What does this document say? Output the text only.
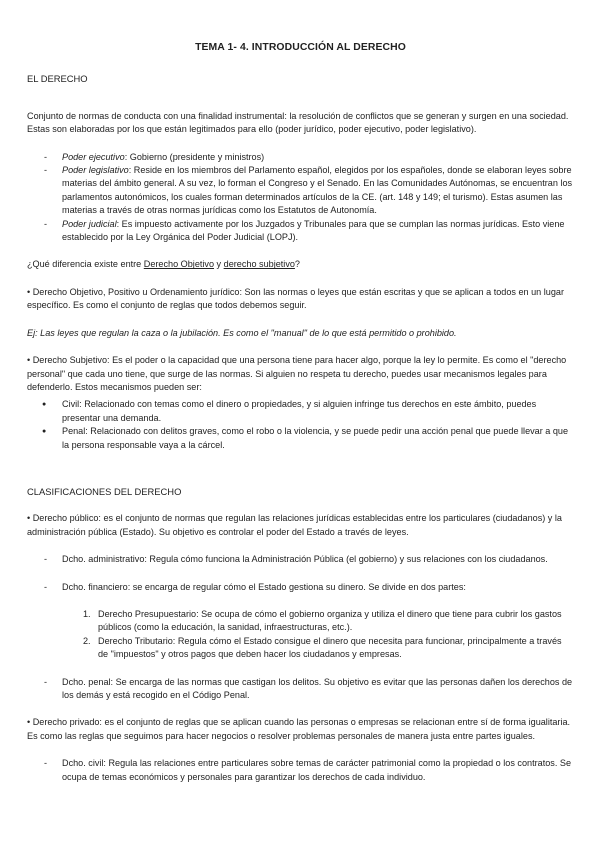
TEMA 1- 4. INTRODUCCIÓN AL DERECHO
EL DERECHO

Conjunto de normas de conducta con una finalidad instrumental: la resolución de conflictos que se generan y surgen en una sociedad. Estas son elaboradas por los que están legitimados para ello (poder jurídico, poder ejecutivo, poder legislativo).

- Poder ejecutivo: Gobierno (presidente y ministros)
- Poder legislativo: Reside en los miembros del Parlamento español, elegidos por los españoles, donde se elaboran leyes sobre materias del ámbito general. A su vez, lo forman el Congreso y el Senado. En las Comunidades Autónomas, se encuentran los parlamentos autonómicos, los cuales forman determinados artículos de la CE. (art. 148 y 149; el turismo). Estas asumen las materias a través de otras normas jurídicas como los Estatutos de Autonomía.
- Poder judicial: Es impuesto activamente por los Juzgados y Tribunales para que se cumplan las normas jurídicas. Esto viene establecido por la Ley Orgánica del Poder Judicial (LOPJ).

¿Qué diferencia existe entre Derecho Objetivo y derecho subjetivo?

• Derecho Objetivo, Positivo u Ordenamiento jurídico: Son las normas o leyes que están escritas y que se aplican a todos en un lugar específico. Es como el conjunto de reglas que todos debemos seguir.

Ej: Las leyes que regulan la caza o la jubilación. Es como el "manual" de lo que está permitido o prohibido.

• Derecho Subjetivo: Es el poder o la capacidad que una persona tiene para hacer algo, porque la ley lo permite. Es como el "derecho personal" que cada uno tiene, que surge de las normas. Si alguien no respeta tu derecho, puedes usar mecanismos legales para defenderlo. Estos mecanismos pueden ser:

● Civil: Relacionado con temas como el dinero o propiedades, y si alguien infringe tus derechos en este ámbito, puedes presentar una demanda.
● Penal: Relacionado con delitos graves, como el robo o la violencia, y se puede pedir una acción penal que puede llevar a que la persona responsable vaya a la cárcel.
CLASIFICACIONES DEL DERECHO

• Derecho público: es el conjunto de normas que regulan las relaciones jurídicas establecidas entre los particulares (ciudadanos) y la administración pública (Estado). Su objetivo es controlar el poder del Estado a través de leyes.

- Dcho. administrativo: Regula cómo funciona la Administración Pública (el gobierno) y sus relaciones con los ciudadanos.
- Dcho. financiero: se encarga de regular cómo el Estado gestiona su dinero. Se divide en dos partes:
1. Derecho Presupuestario: Se ocupa de cómo el gobierno organiza y utiliza el dinero que tiene para cubrir los gastos públicos (como la educación, la sanidad, infraestructuras, etc.).
2. Derecho Tributario: Regula cómo el Estado consigue el dinero que necesita para funcionar, principalmente a través de "impuestos" y otros pagos que deben hacer los ciudadanos y empresas.
- Dcho. penal: Se encarga de las normas que castigan los delitos. Su objetivo es evitar que las personas dañen los derechos de los demás y está recogido en el Código Penal.

• Derecho privado: es el conjunto de reglas que se aplican cuando las personas o empresas se relacionan entre sí de forma igualitaria. Es como las reglas que seguimos para hacer negocios o resolver problemas personales de manera justa entre partes iguales.

- Dcho. civil: Regula las relaciones entre particulares sobre temas de carácter patrimonial como la propiedad o los contratos. Se ocupa de temas económicos y personales para garantizar los derechos de cada individuo.
